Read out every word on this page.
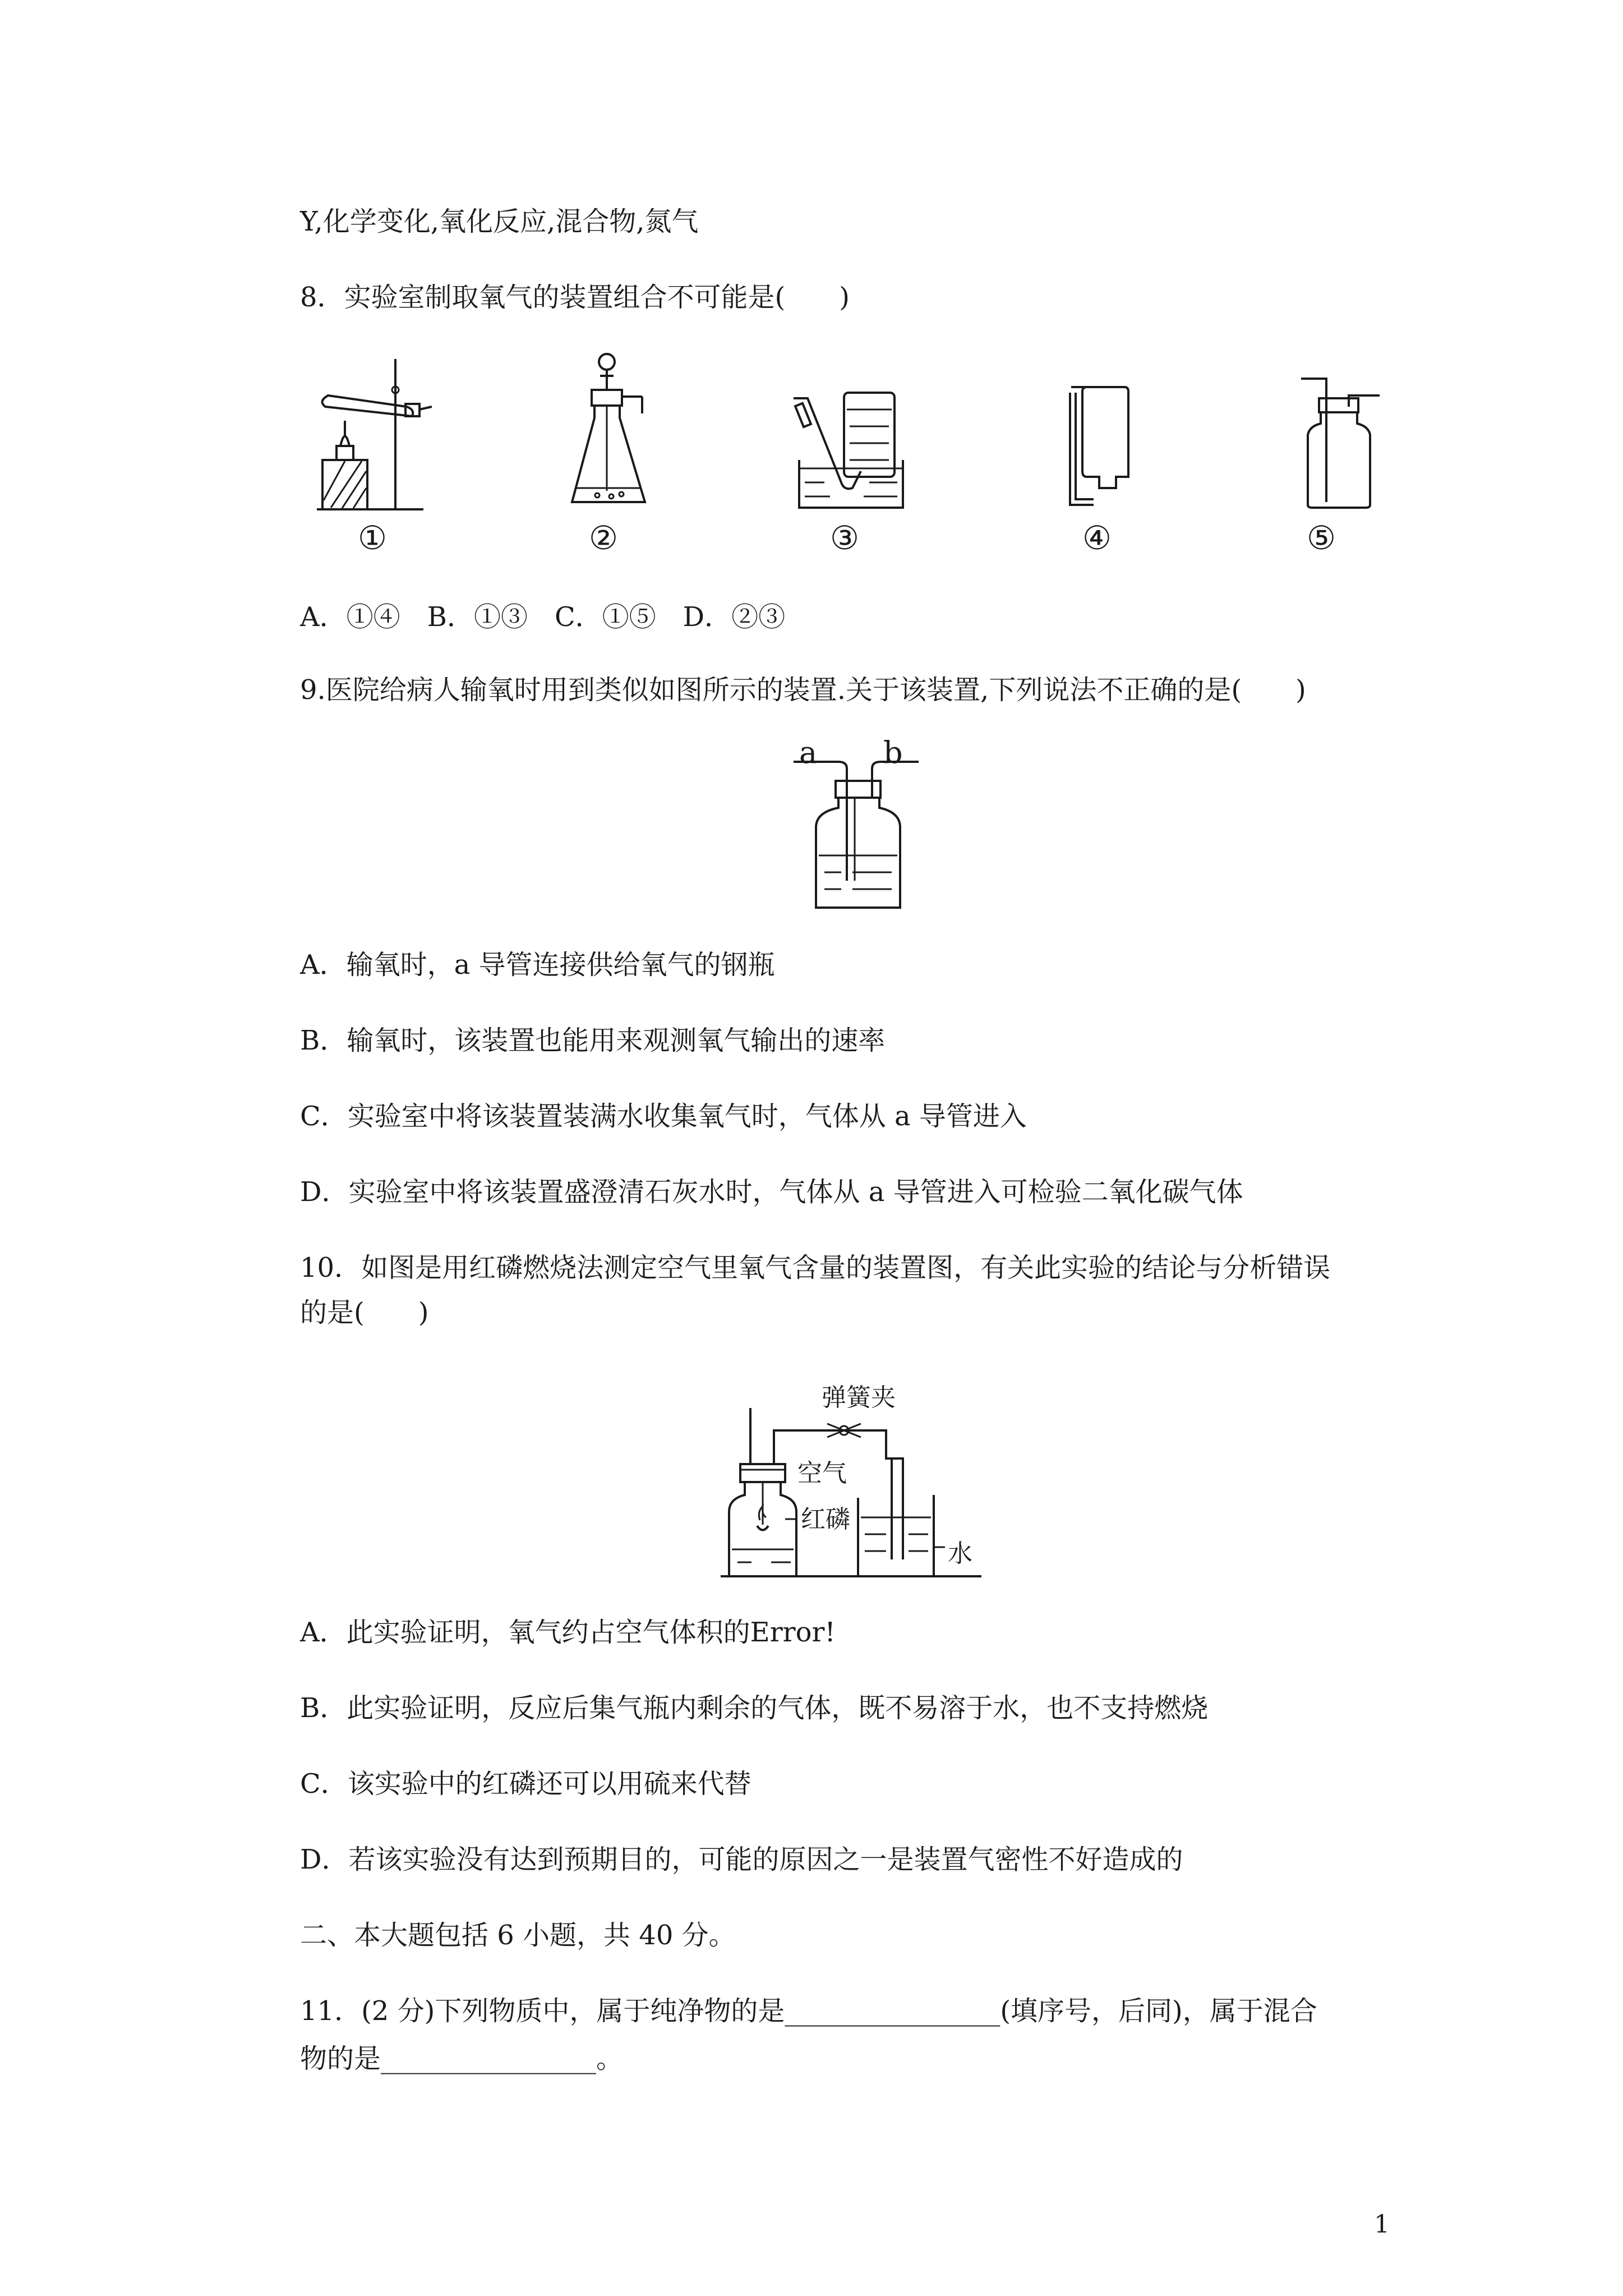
Y,化学变化,氧化反应,混合物,氮气
8．实验室制取氧气的装置组合不可能是(　　)
①	②	③	④	⑤
A．①④　B．①③　C．①⑤　D．②③
9.医院给病人输氧时用到类似如图所示的装置.关于该装置,下列说法不正确的是(　　)
a b
A．输氧时，a 导管连接供给氧气的钢瓶
B．输氧时，该装置也能用来观测氧气输出的速率
C．实验室中将该装置装满水收集氧气时，气体从 a 导管进入
D．实验室中将该装置盛澄清石灰水时，气体从 a 导管进入可检验二氧化碳气体
10．如图是用红磷燃烧法测定空气里氧气含量的装置图，有关此实验的结论与分析错误
的是(　　)
弹簧夹
空气
红磷
水
A．此实验证明，氧气约占空气体积的Error!
B．此实验证明，反应后集气瓶内剩余的气体，既不易溶于水，也不支持燃烧
C．该实验中的红磷还可以用硫来代替
D．若该实验没有达到预期目的，可能的原因之一是装置气密性不好造成的
二、本大题包括 6 小题，共 40 分。
11．(2 分)下列物质中，属于纯净物的是________________(填序号，后同)，属于混合
物的是________________。
1
